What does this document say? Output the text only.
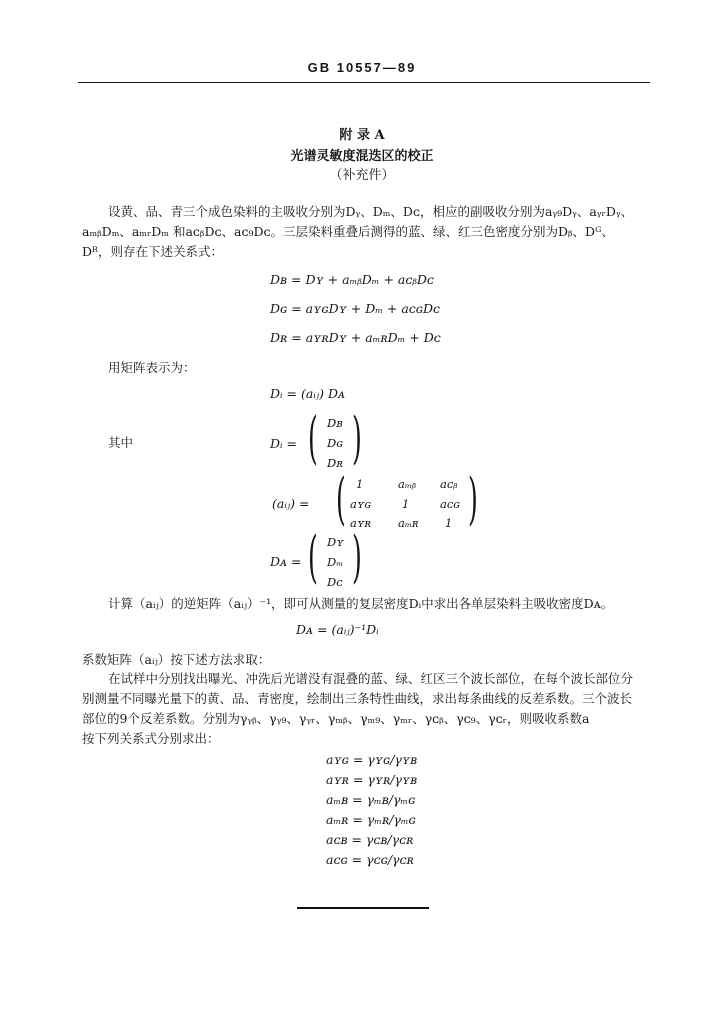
GB 10557—89
附 录 A
光谱灵敏度混迭区的校正
（补充件）
设黄、品、青三个成色染料的主吸收分别为Dᵧ、Dₘ、Dᴄ，相应的副吸收分别为aᵧ₉Dᵧ、aᵧᵣDᵧ、
aₘᵦDₘ、aₘᵣDₘ 和aᴄᵦDᴄ、aᴄ₉Dᴄ。三层染料重叠后测得的蓝、绿、红三色密度分别为Dᵦ、Dᴳ、
Dᴿ，则存在下述关系式：
Dʙ = Dʏ + aₘᵦDₘ + aᴄᵦDᴄ
Dɢ = aʏɢDʏ + Dₘ + aᴄɢDᴄ
Dʀ = aʏʀDʏ + aₘʀDₘ + Dᴄ
用矩阵表示为：
Dᵢ = (aᵢⱼ) Dᴀ
其中	Dᵢ = ( Dʙ
Dɢ
Dʀ )
(aᵢⱼ) = ( 1	aₘᵦ aᴄᵦ
aʏɢ	1	aᴄɢ
aʏʀ aₘʀ 1 )
Dᴀ = ( Dʏ
Dₘ
Dᴄ )
计算（aᵢⱼ）的逆矩阵（aᵢⱼ）⁻¹，即可从测量的复层密度Dᵢ中求出各单层染料主吸收密度Dᴀ。
Dᴀ = (aᵢⱼ)⁻¹Dᵢ
系数矩阵（aᵢⱼ）按下述方法求取：
在试样中分别找出曝光、冲洗后光谱没有混叠的蓝、绿、红区三个波长部位，在每个波长部位分
别测量不同曝光量下的黄、品、青密度，绘制出三条特性曲线，求出每条曲线的反差系数。三个波长
部位的9个反差系数。分别为γᵧᵦ、γᵧ₉、γᵧᵣ、γₘᵦ、γₘ₉、γₘᵣ、γᴄᵦ、γᴄ₉、γᴄᵣ，则吸收系数a
按下列关系式分别求出：
aʏɢ = γʏɢ/γʏʙ
aʏʀ = γʏʀ/γʏʙ
aₘʙ = γₘʙ/γₘɢ
aₘʀ = γₘʀ/γₘɢ
aᴄʙ = γᴄʙ/γᴄʀ
aᴄɢ = γᴄɢ/γᴄʀ
